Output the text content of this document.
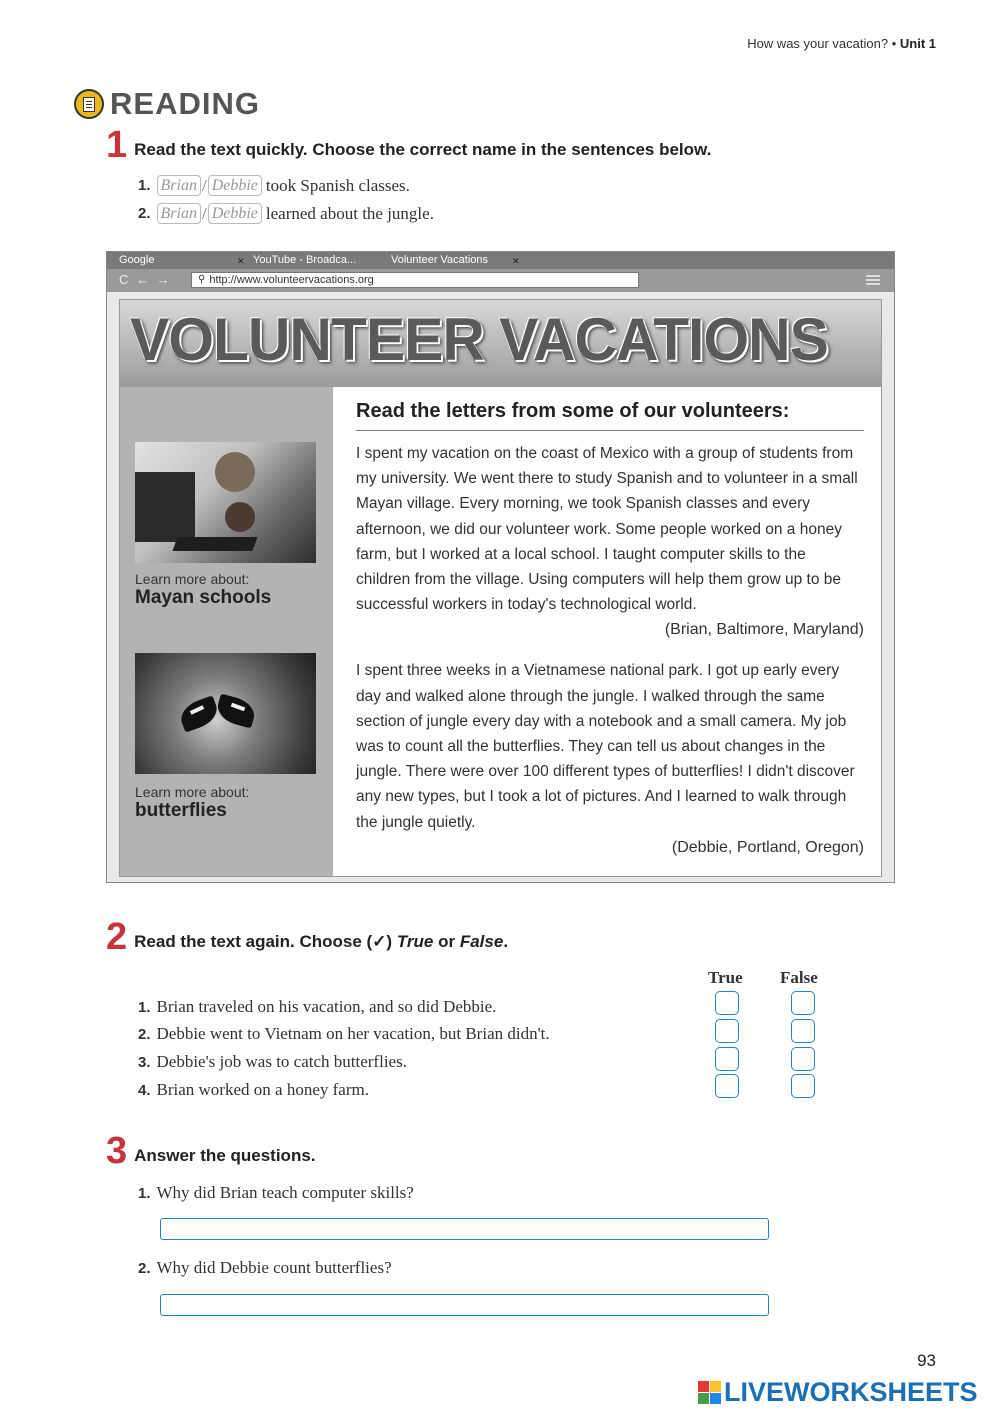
How was your vacation? • Unit 1
READING
1 Read the text quickly. Choose the correct name in the sentences below.
1. Brian / Debbie took Spanish classes.
2. Brian / Debbie learned about the jungle.
Google	YouTube - Broadca...
✕	Volunteer Vacations	✕
C ← →	⚲ http://www.volunteervacations.org
VOLUNTEER VACATIONS
Learn more about:
Mayan schools
Learn more about:
butterflies
Read the letters from some of our volunteers:
I spent my vacation on the coast of Mexico with a group of students from my university. We went there to study Spanish and to volunteer in a small Mayan village. Every morning, we took Spanish classes and every afternoon, we did our volunteer work. Some people worked on a honey farm, but I worked at a local school. I taught computer skills to the children from the village. Using computers will help them grow up to be successful workers in today's technological world.
(Brian, Baltimore, Maryland)
I spent three weeks in a Vietnamese national park. I got up early every day and walked alone through the jungle. I walked through the same section of jungle every day with a notebook and a small camera. My job was to count all the butterflies. They can tell us about changes in the jungle. There were over 100 different types of butterflies! I didn't discover any new types, but I took a lot of pictures. And I learned to walk through the jungle quietly.
(Debbie, Portland, Oregon)
2 Read the text again. Choose (✓) True or False.
True False
1. Brian traveled on his vacation, and so did Debbie.
2. Debbie went to Vietnam on her vacation, but Brian didn't.
3. Debbie's job was to catch butterflies.
4. Brian worked on a honey farm.
3 Answer the questions.
1. Why did Brian teach computer skills?
2. Why did Debbie count butterflies?
93
LIVEWORKSHEETS
